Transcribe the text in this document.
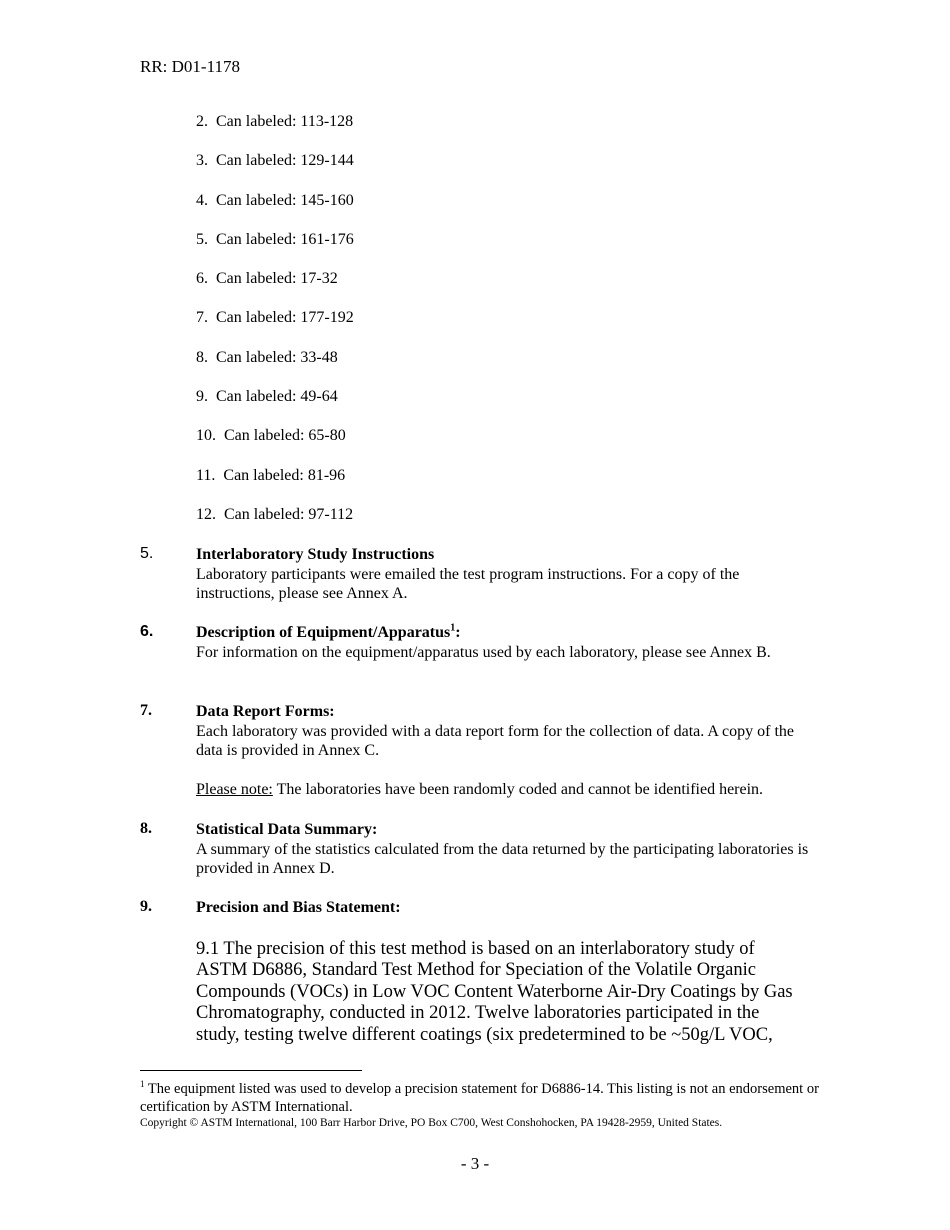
RR: D01-1178
2.  Can labeled: 113-128
3.  Can labeled: 129-144
4.  Can labeled: 145-160
5.  Can labeled: 161-176
6.  Can labeled: 17-32
7.  Can labeled: 177-192
8.  Can labeled: 33-48
9.  Can labeled: 49-64
10.  Can labeled: 65-80
11.  Can labeled: 81-96
12.  Can labeled: 97-112
5.	Interlaboratory Study Instructions
Laboratory participants were emailed the test program instructions. For a copy of the instructions, please see Annex A.
6.	Description of Equipment/Apparatus$^1$:
For information on the equipment/apparatus used by each laboratory, please see Annex B.
7.	Data Report Forms:
Each laboratory was provided with a data report form for the collection of data. A copy of the data is provided in Annex C.
Please note: The laboratories have been randomly coded and cannot be identified herein.
8.	Statistical Data Summary:
A summary of the statistics calculated from the data returned by the participating laboratories is provided in Annex D.
9.	Precision and Bias Statement:
9.1 The precision of this test method is based on an interlaboratory study of ASTM D6886, Standard Test Method for Speciation of the Volatile Organic Compounds (VOCs) in Low VOC Content Waterborne Air-Dry Coatings by Gas Chromatography, conducted in 2012. Twelve laboratories participated in the study, testing twelve different coatings (six predetermined to be ~50g/L VOC,
$^1$ The equipment listed was used to develop a precision statement for D6886-14. This listing is not an endorsement or certification by ASTM International.
Copyright © ASTM International, 100 Barr Harbor Drive, PO Box C700, West Conshohocken, PA 19428-2959, United States.
- 3 -
